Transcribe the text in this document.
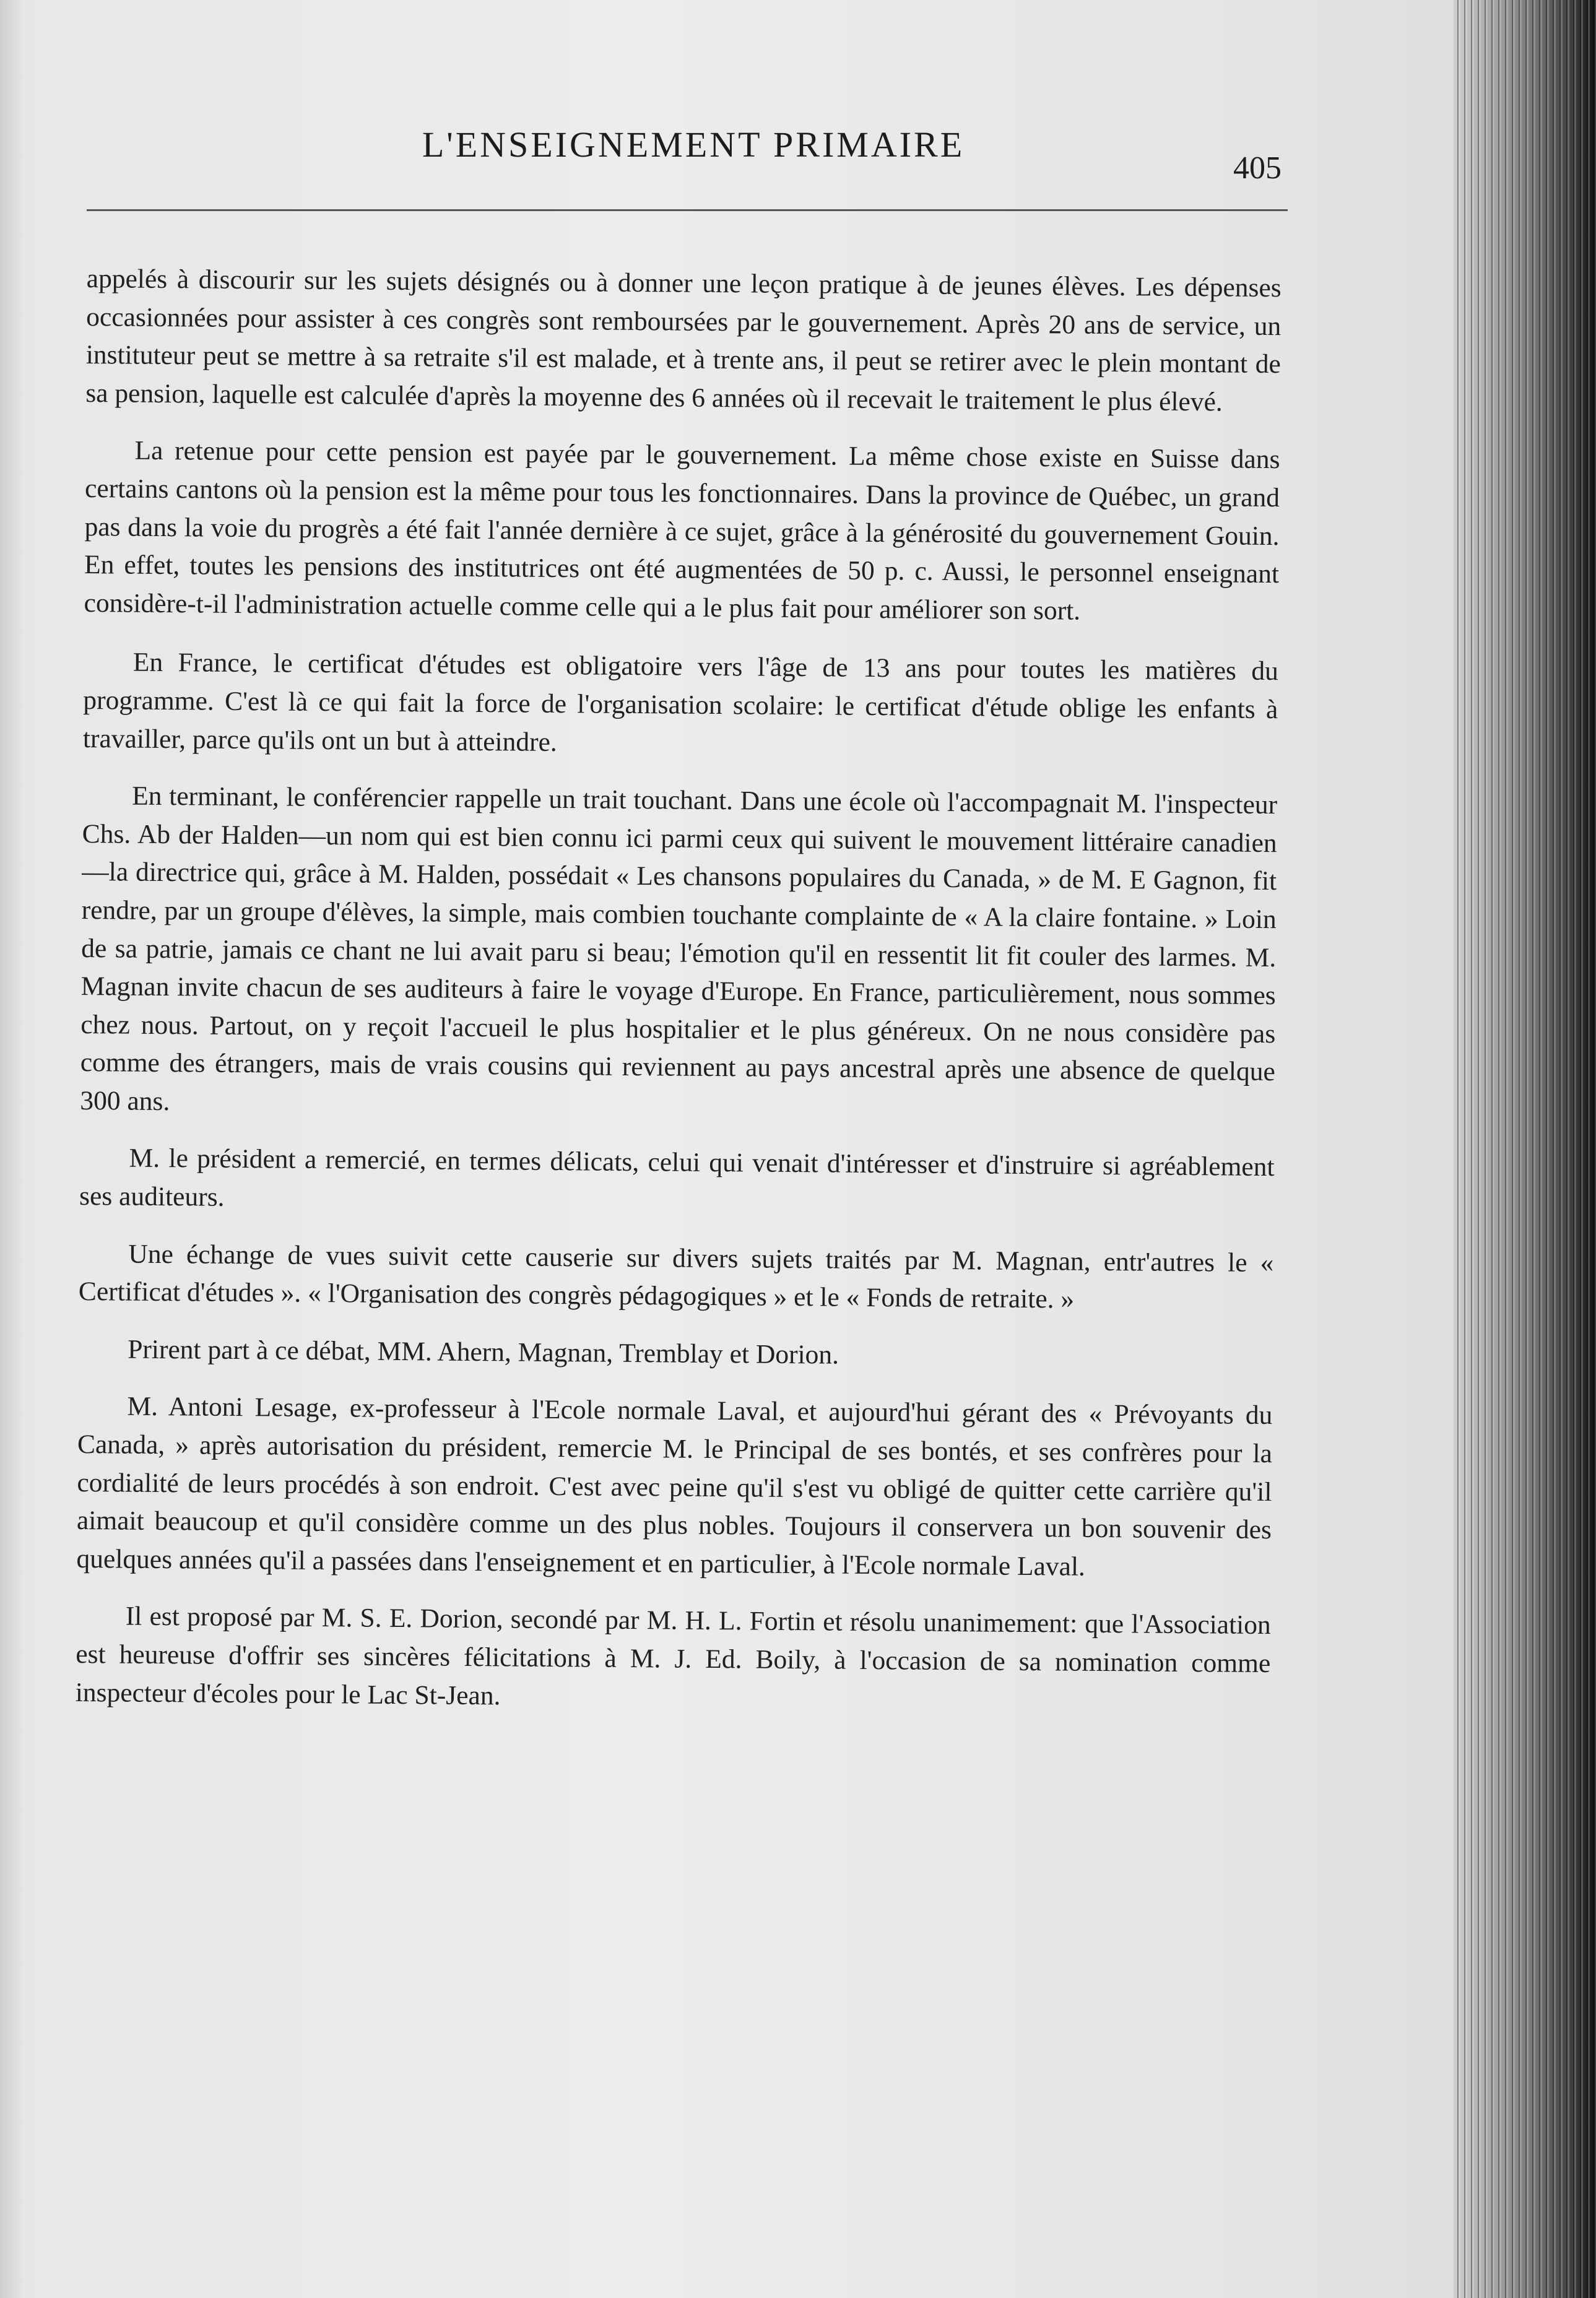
L'ENSEIGNEMENT PRIMAIRE
405

appelés à discourir sur les sujets désignés ou à donner une leçon pratique à de jeunes élèves. Les dépenses occasionnées pour assister à ces congrès sont remboursées par le gouvernement. Après 20 ans de service, un instituteur peut se mettre à sa retraite s'il est malade, et à trente ans, il peut se retirer avec le plein montant de sa pension, laquelle est calculée d'après la moyenne des 6 années où il recevait le traitement le plus élevé.

La retenue pour cette pension est payée par le gouvernement. La même chose existe en Suisse dans certains cantons où la pension est la même pour tous les fonctionnaires. Dans la province de Québec, un grand pas dans la voie du progrès a été fait l'année dernière à ce sujet, grâce à la générosité du gouvernement Gouin. En effet, toutes les pensions des institutrices ont été augmentées de 50 p. c. Aussi, le personnel enseignant considère-t-il l'administration actuelle comme celle qui a le plus fait pour améliorer son sort.

En France, le certificat d'études est obligatoire vers l'âge de 13 ans pour toutes les matières du programme. C'est là ce qui fait la force de l'organisation scolaire: le certificat d'étude oblige les enfants à travailler, parce qu'ils ont un but à atteindre.

En terminant, le conférencier rappelle un trait touchant. Dans une école où l'accompagnait M. l'inspecteur Chs. Ab der Halden—un nom qui est bien connu ici parmi ceux qui suivent le mouvement littéraire canadien—la directrice qui, grâce à M. Halden, possédait « Les chansons populaires du Canada, » de M. E Gagnon, fit rendre, par un groupe d'élèves, la simple, mais combien touchante complainte de « A la claire fontaine. » Loin de sa patrie, jamais ce chant ne lui avait paru si beau; l'émotion qu'il en ressentit lit fit couler des larmes. M. Magnan invite chacun de ses auditeurs à faire le voyage d'Europe. En France, particulièrement, nous sommes chez nous. Partout, on y reçoit l'accueil le plus hospitalier et le plus généreux. On ne nous considère pas comme des étrangers, mais de vrais cousins qui reviennent au pays ancestral après une absence de quelque 300 ans.

M. le président a remercié, en termes délicats, celui qui venait d'intéresser et d'instruire si agréablement ses auditeurs.

Une échange de vues suivit cette causerie sur divers sujets traités par M. Magnan, entr'autres le « Certificat d'études ». « l'Organisation des congrès pédagogiques » et le « Fonds de retraite. »

Prirent part à ce débat, MM. Ahern, Magnan, Tremblay et Dorion.

M. Antoni Lesage, ex-professeur à l'Ecole normale Laval, et aujourd'hui gérant des « Prévoyants du Canada, » après autorisation du président, remercie M. le Principal de ses bontés, et ses confrères pour la cordialité de leurs procédés à son endroit. C'est avec peine qu'il s'est vu obligé de quitter cette carrière qu'il aimait beaucoup et qu'il considère comme un des plus nobles. Toujours il conservera un bon souvenir des quelques années qu'il a passées dans l'enseignement et en particulier, à l'Ecole normale Laval.

Il est proposé par M. S. E. Dorion, secondé par M. H. L. Fortin et résolu unanimement: que l'Association est heureuse d'offrir ses sincères félicitations à M. J. Ed. Boily, à l'occasion de sa nomination comme inspecteur d'écoles pour le Lac St-Jean.
